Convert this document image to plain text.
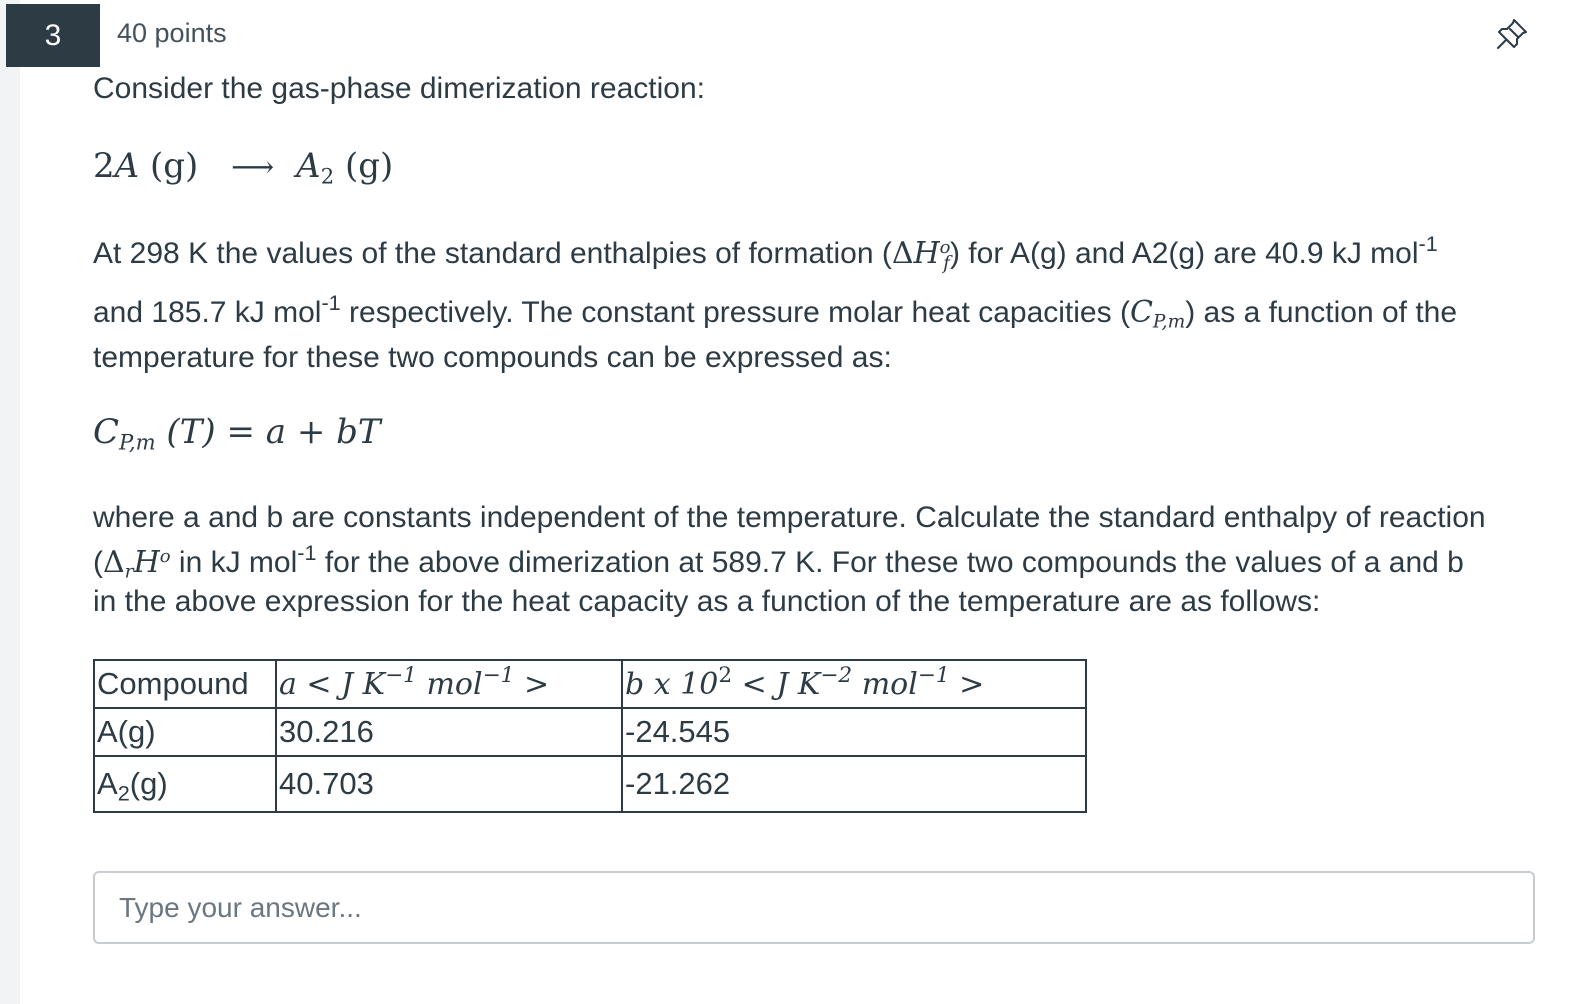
3	40 points
Consider the gas-phase dimerization reaction:
2A (g) ⟶ $A_2$ (g)
At 298 K the values of the standard enthalpies of formation $(\Delta H^o_f)$ for A(g) and A2(g) are 40.9 kJ mol$^{-1}$
and 185.7 kJ mol$^{-1}$ respectively. The constant pressure molar heat capacities $(C_{P,m})$ as a function of the
temperature for these two compounds can be expressed as:
$C_{P,m}$ (T) = a + bT
where a and b are constants independent of the temperature. Calculate the standard enthalpy of reaction
($\Delta_rH^o$ in kJ mol$^{-1}$ for the above dimerization at 589.7 K. For these two compounds the values of a and b
in the above expression for the heat capacity as a function of the temperature are as follows:
Compound	a < J $K^{-1}$ mol$^{-1}$ >	b x $10^2 < J$ $K^{-2}$ mol$^{-1}$ >
A(g)	30.216	-24.545
$A_2(g)$	40.703	-21.262
Type your answer...
